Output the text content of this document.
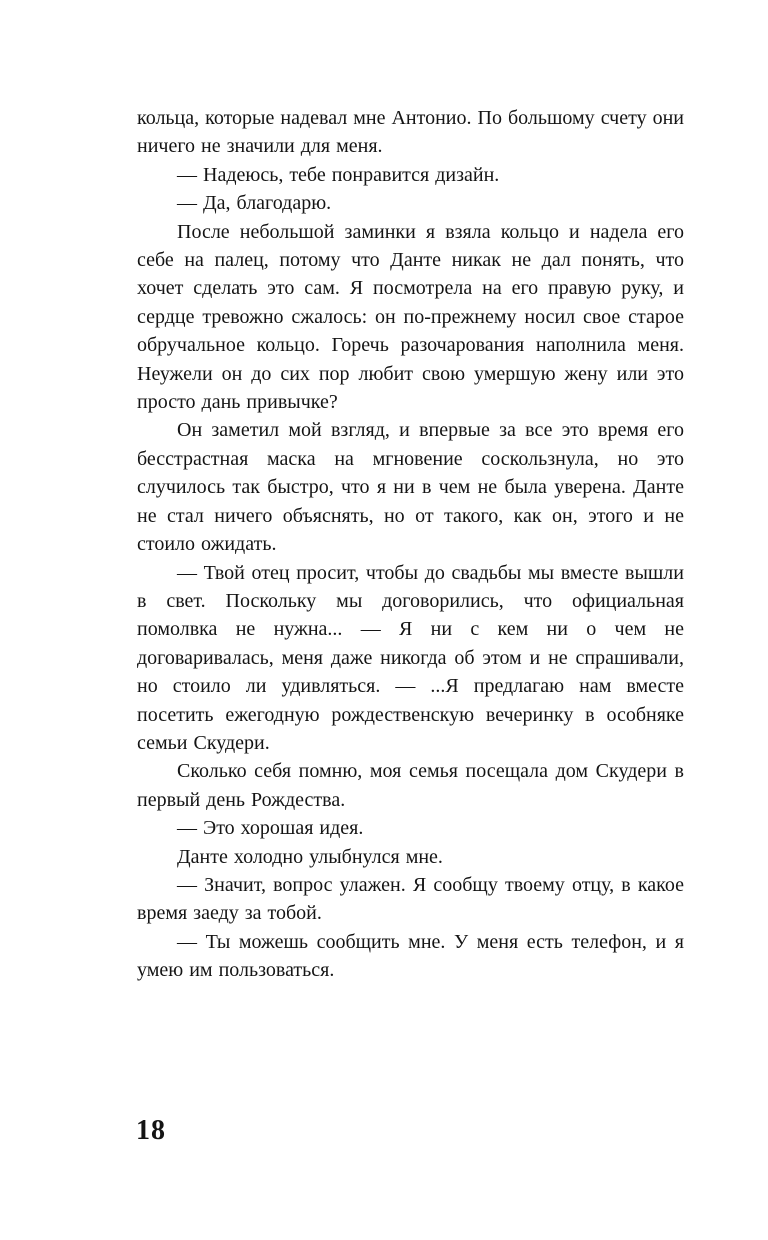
кольца, которые надевал мне Антонио. По большому счету они ничего не значили для меня.

— Надеюсь, тебе понравится дизайн.

— Да, благодарю.

После небольшой заминки я взяла кольцо и надела его себе на палец, потому что Данте никак не дал понять, что хочет сделать это сам. Я посмотрела на его правую руку, и сердце тревожно сжалось: он по-прежнему носил свое старое обручальное кольцо. Горечь разочарования наполнила меня. Неужели он до сих пор любит свою умершую жену или это просто дань привычке?

Он заметил мой взгляд, и впервые за все это время его бесстрастная маска на мгновение соскользнула, но это случилось так быстро, что я ни в чем не была уверена. Данте не стал ничего объяснять, но от такого, как он, этого и не стоило ожидать.

— Твой отец просит, чтобы до свадьбы мы вместе вышли в свет. Поскольку мы договорились, что официальная помолвка не нужна... — Я ни с кем ни о чем не договаривалась, меня даже никогда об этом и не спрашивали, но стоило ли удивляться. — ...Я предлагаю нам вместе посетить ежегодную рождественскую вечеринку в особняке семьи Скудери.

Сколько себя помню, моя семья посещала дом Скудери в первый день Рождества.

— Это хорошая идея.

Данте холодно улыбнулся мне.

— Значит, вопрос улажен. Я сообщу твоему отцу, в какое время заеду за тобой.

— Ты можешь сообщить мне. У меня есть телефон, и я умею им пользоваться.

18
